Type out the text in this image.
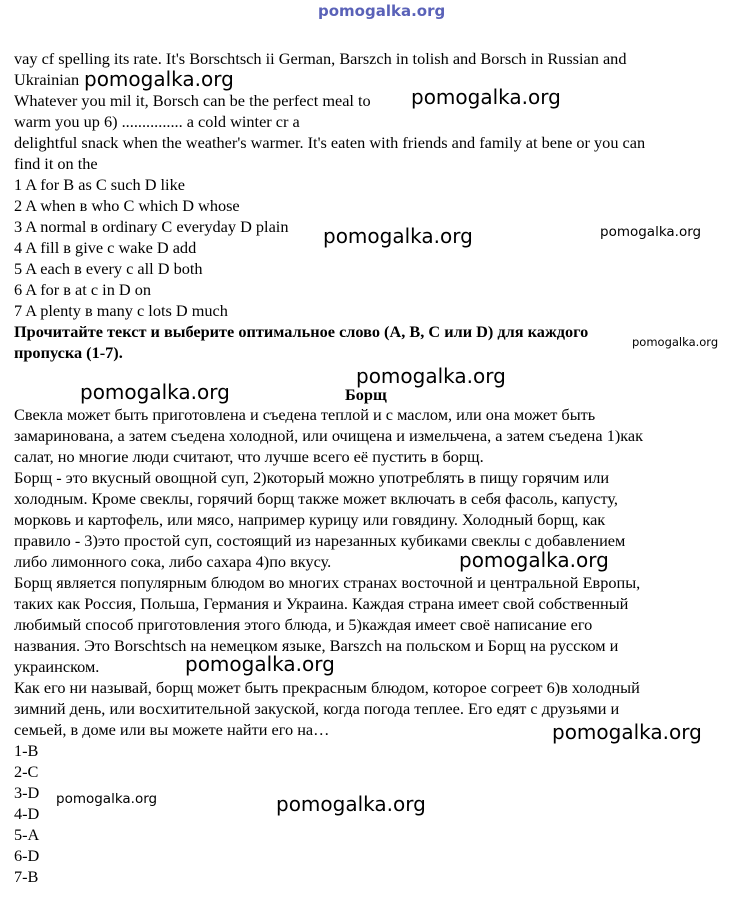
pomogalka.org

vay cf spelling its rate. It's Borschtsch ii German, Barszch in tolish and Borsch in Russian and

Ukrainian

Whatever you mil it, Borsch can be the perfect meal to

warm you up 6) ............... a cold winter cr a

delightful snack when the weather's warmer. It's eaten with friends and family at bene or you can

find it on the

1 A for B as C such D like

2 A when в who C which D whose

3 A normal в ordinary C everyday D plain

4 A fill в give c wake D add

5 A each в every c all D both

6 A for в at c in D on

7 A plenty в many c lots D much

Прочитайте текст и выберите оптимальное слово (A, B, C или D) для каждого

пропуска (1-7).

Борщ

Свекла может быть приготовлена и съедена теплой и с маслом, или она может быть

замаринована, а затем съедена холодной, или очищена и измельчена, а затем съедена 1)как

салат, но многие люди считают, что лучше всего её пустить в борщ.

Борщ - это вкусный овощной суп, 2)который можно употреблять в пищу горячим или

холодным. Кроме свеклы, горячий борщ также может включать в себя фасоль, капусту,

морковь и картофель, или мясо, например курицу или говядину. Холодный борщ, как

правило - 3)это простой суп, состоящий из нарезанных кубиками свеклы с добавлением

либо лимонного сока, либо сахара 4)по вкусу.

Борщ является популярным блюдом во многих странах восточной и центральной Европы,

таких как Россия, Польша, Германия и Украина. Каждая страна имеет свой собственный

любимый способ приготовления этого блюда, и 5)каждая имеет своё написание его

названия. Это Borschtsch на немецком языке, Barszch на польском и Борщ на русском и

украинском.

Как его ни называй, борщ может быть прекрасным блюдом, которое согреет 6)в холодный

зимний день, или восхитительной закуской, когда погода теплее. Его едят с друзьями и

семьей, в доме или вы можете найти его на…

1-B

2-C

3-D

4-D

5-A

6-D

7-B

pomogalka.org

pomogalka.org

pomogalka.org	pomogalka.org

pomogalka.org

pomogalka.org

pomogalka.org

pomogalka.org

pomogalka.org

pomogalka.org

pomogalka.org	pomogalka.org
